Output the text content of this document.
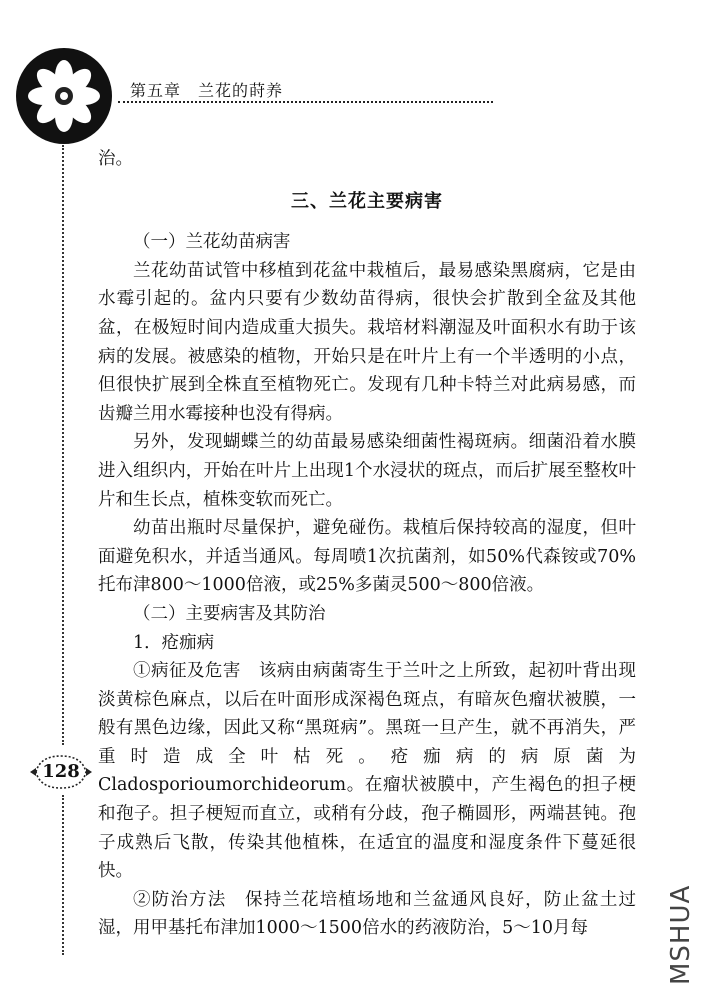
第五章　兰花的莳养
128

治。

三、兰花主要病害

（一）兰花幼苗病害

兰花幼苗试管中移植到花盆中栽植后，最易感染黑腐病，它是由水霉引起的。盆内只要有少数幼苗得病，很快会扩散到全盆及其他盆，在极短时间内造成重大损失。栽培材料潮湿及叶面积水有助于该病的发展。被感染的植物，开始只是在叶片上有一个半透明的小点，但很快扩展到全株直至植物死亡。发现有几种卡特兰对此病易感，而齿瓣兰用水霉接种也没有得病。

另外，发现蝴蝶兰的幼苗最易感染细菌性褐斑病。细菌沿着水膜进入组织内，开始在叶片上出现1个水浸状的斑点，而后扩展至整枚叶片和生长点，植株变软而死亡。

幼苗出瓶时尽量保护，避免碰伤。栽植后保持较高的湿度，但叶面避免积水，并适当通风。每周喷1次抗菌剂，如50%代森铵或70%托布津800～1000倍液，或25%多菌灵500～800倍液。

（二）主要病害及其防治

1．疮痂病

①病征及危害　该病由病菌寄生于兰叶之上所致，起初叶背出现淡黄棕色麻点，以后在叶面形成深褐色斑点，有暗灰色瘤状被膜，一般有黑色边缘，因此又称“黑斑病”。黑斑一旦产生，就不再消失，严重时造成全叶枯死。疮痂病的病原菌为Cladosporioumorchideorum。在瘤状被膜中，产生褐色的担子梗和孢子。担子梗短而直立，或稍有分歧，孢子椭圆形，两端甚钝。孢子成熟后飞散，传染其他植株，在适宜的温度和湿度条件下蔓延很快。

②防治方法　保持兰花培植场地和兰盆通风良好，防止盆土过湿，用甲基托布津加1000～1500倍水的药液防治，5～10月每	MSHUA
